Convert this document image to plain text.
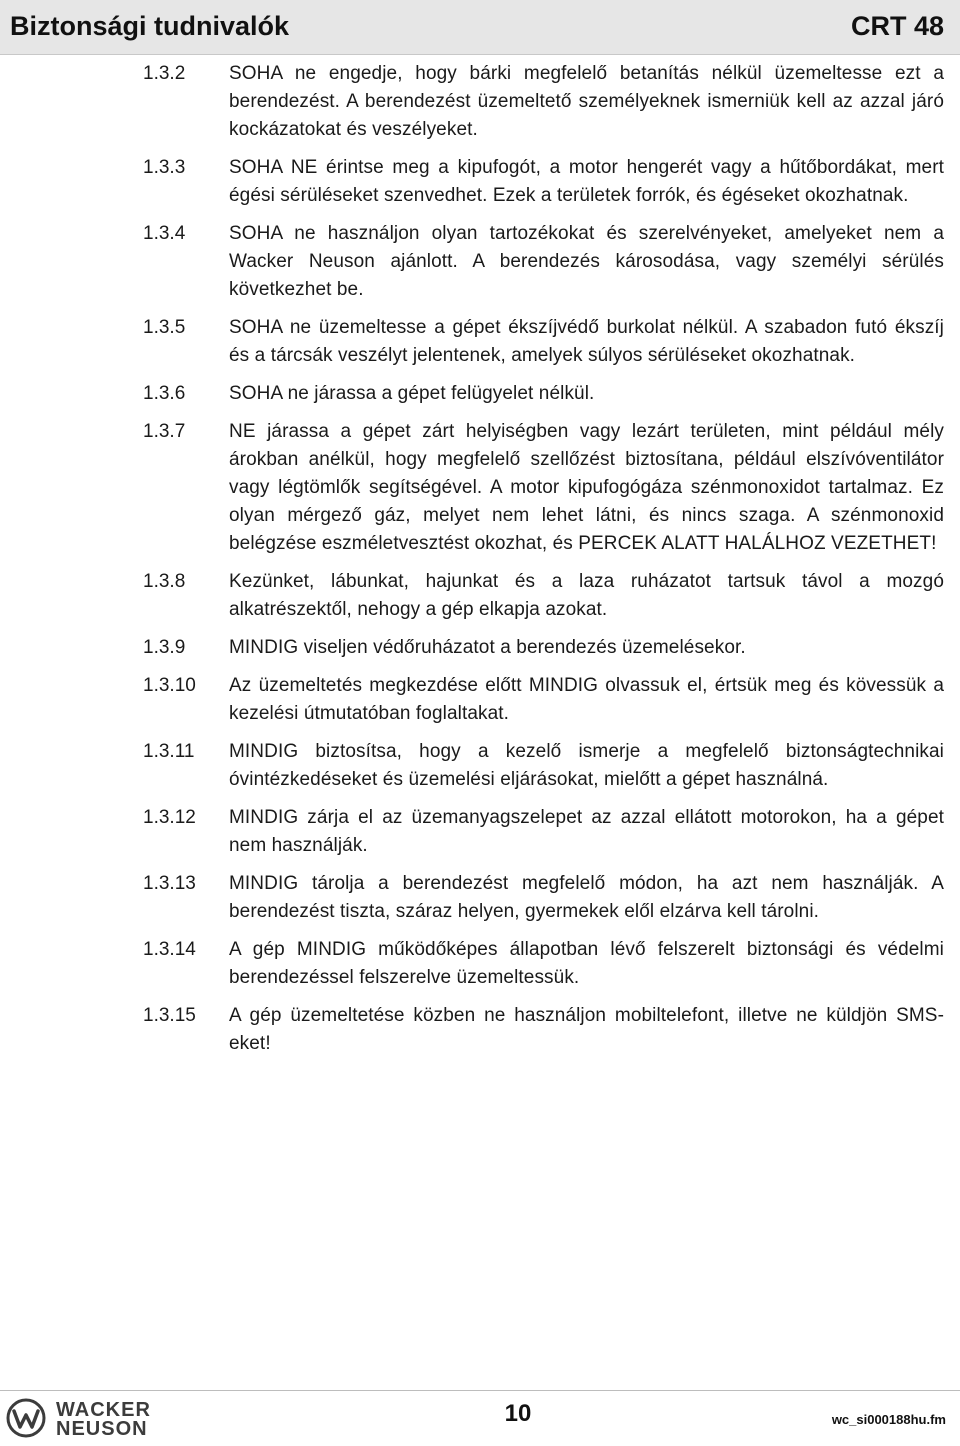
Biztonsági tudnivalók	CRT 48
1.3.2 SOHA ne engedje, hogy bárki megfelelő betanítás nélkül üzemeltesse ezt a berendezést. A berendezést üzemeltető személyeknek ismerniük kell az azzal járó kockázatokat és veszélyeket.
1.3.3 SOHA NE érintse meg a kipufogót, a motor hengerét vagy a hűtőbordákat, mert égési sérüléseket szenvedhet. Ezek a területek forrók, és égéseket okozhatnak.
1.3.4 SOHA ne használjon olyan tartozékokat és szerelvényeket, amelyeket nem a Wacker Neuson ajánlott. A berendezés károsodása, vagy személyi sérülés következhet be.
1.3.5 SOHA ne üzemeltesse a gépet ékszíjvédő burkolat nélkül. A szabadon futó ékszíj és a tárcsák veszélyt jelentenek, amelyek súlyos sérüléseket okozhatnak.
1.3.6 SOHA ne járassa a gépet felügyelet nélkül.
1.3.7 NE járassa a gépet zárt helyiségben vagy lezárt területen, mint például mély árokban anélkül, hogy megfelelő szellőzést biztosítana, például elszívóventilátor vagy légtömlők segítségével. A motor kipufogógáza szénmonoxidot tartalmaz. Ez olyan mérgező gáz, melyet nem lehet látni, és nincs szaga. A szénmonoxid belégzése eszméletvesztést okozhat, és PERCEK ALATT HALÁLHOZ VEZETHET!
1.3.8 Kezünket, lábunkat, hajunkat és a laza ruházatot tartsuk távol a mozgó alkatrészektől, nehogy a gép elkapja azokat.
1.3.9 MINDIG viseljen védőruházatot a berendezés üzemelésekor.
1.3.10 Az üzemeltetés megkezdése előtt MINDIG olvassuk el, értsük meg és kövessük a kezelési útmutatóban foglaltakat.
1.3.11 MINDIG biztosítsa, hogy a kezelő ismerje a megfelelő biztonságtechnikai óvintézkedéseket és üzemelési eljárásokat, mielőtt a gépet használná.
1.3.12 MINDIG zárja el az üzemanyagszelepet az azzal ellátott motorokon, ha a gépet nem használják.
1.3.13 MINDIG tárolja a berendezést megfelelő módon, ha azt nem használják. A berendezést tiszta, száraz helyen, gyermekek elől elzárva kell tárolni.
1.3.14 A gép MINDIG működőképes állapotban lévő felszerelt biztonsági és védelmi berendezéssel felszerelve üzemeltessük.
1.3.15 A gép üzemeltetése közben ne használjon mobiltelefont, illetve ne küldjön SMS-eket!
WACKER
NEUSON
10	wc_si000188hu.fm
